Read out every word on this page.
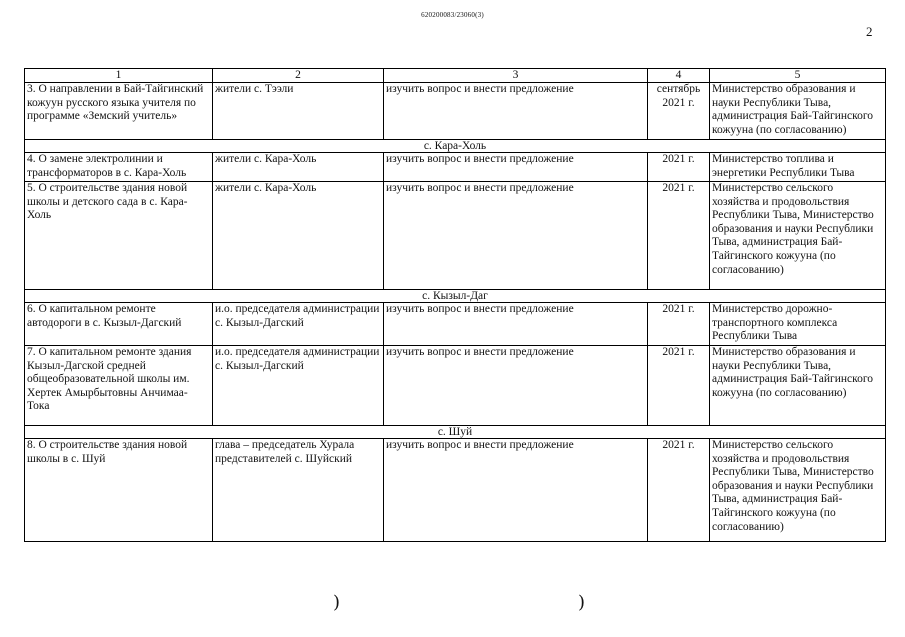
620200083/23060(3)
2
1	2	3	4	5
3. О направлении в Бай-Тайгинский кожуун русского языка учителя по программе «Земский учитель»	жители с. Тээли	изучить вопрос и внести предложение	сентябрь 2021 г.	Министерство образования и науки Республики Тыва, администрация Бай-Тайгинского кожууна (по согласованию)
с. Кара-Холь				
4. О замене электролинии и трансформаторов в с. Кара-Холь	жители с. Кара-Холь	изучить вопрос и внести предложение	2021 г.	Министерство топлива и энергетики Республики Тыва
5. О строительстве здания новой школы и детского сада в с. Кара-Холь	жители с. Кара-Холь	изучить вопрос и внести предложение	2021 г.	Министерство сельского хозяйства и продовольствия Республики Тыва, Министерство образования и науки Республики Тыва, администрация Бай-Тайгинского кожууна (по согласованию)
с. Кызыл-Даг				
6. О капитальном ремонте автодороги в с. Кызыл-Дагский	и.о. председателя администрации с. Кызыл-Дагский	изучить вопрос и внести предложение	2021 г.	Министерство дорожно-транспортного комплекса Республики Тыва
7. О капитальном ремонте здания Кызыл-Дагской средней общеобразовательной школы им. Хертек Амырбытовны Анчимаа-Тока	и.о. председателя администрации с. Кызыл-Дагский	изучить вопрос и внести предложение	2021 г.	Министерство образования и науки Республики Тыва, администрация Бай-Тайгинского кожууна (по согласованию)
с. Шуй				
8. О строительстве здания новой школы в с. Шуй	глава – председатель Хурала представителей с. Шуйский	изучить вопрос и внести предложение	2021 г.	Министерство сельского хозяйства и продовольствия Республики Тыва, Министерство образования и науки Республики Тыва, администрация Бай-Тайгинского кожууна (по согласованию)
)	)
